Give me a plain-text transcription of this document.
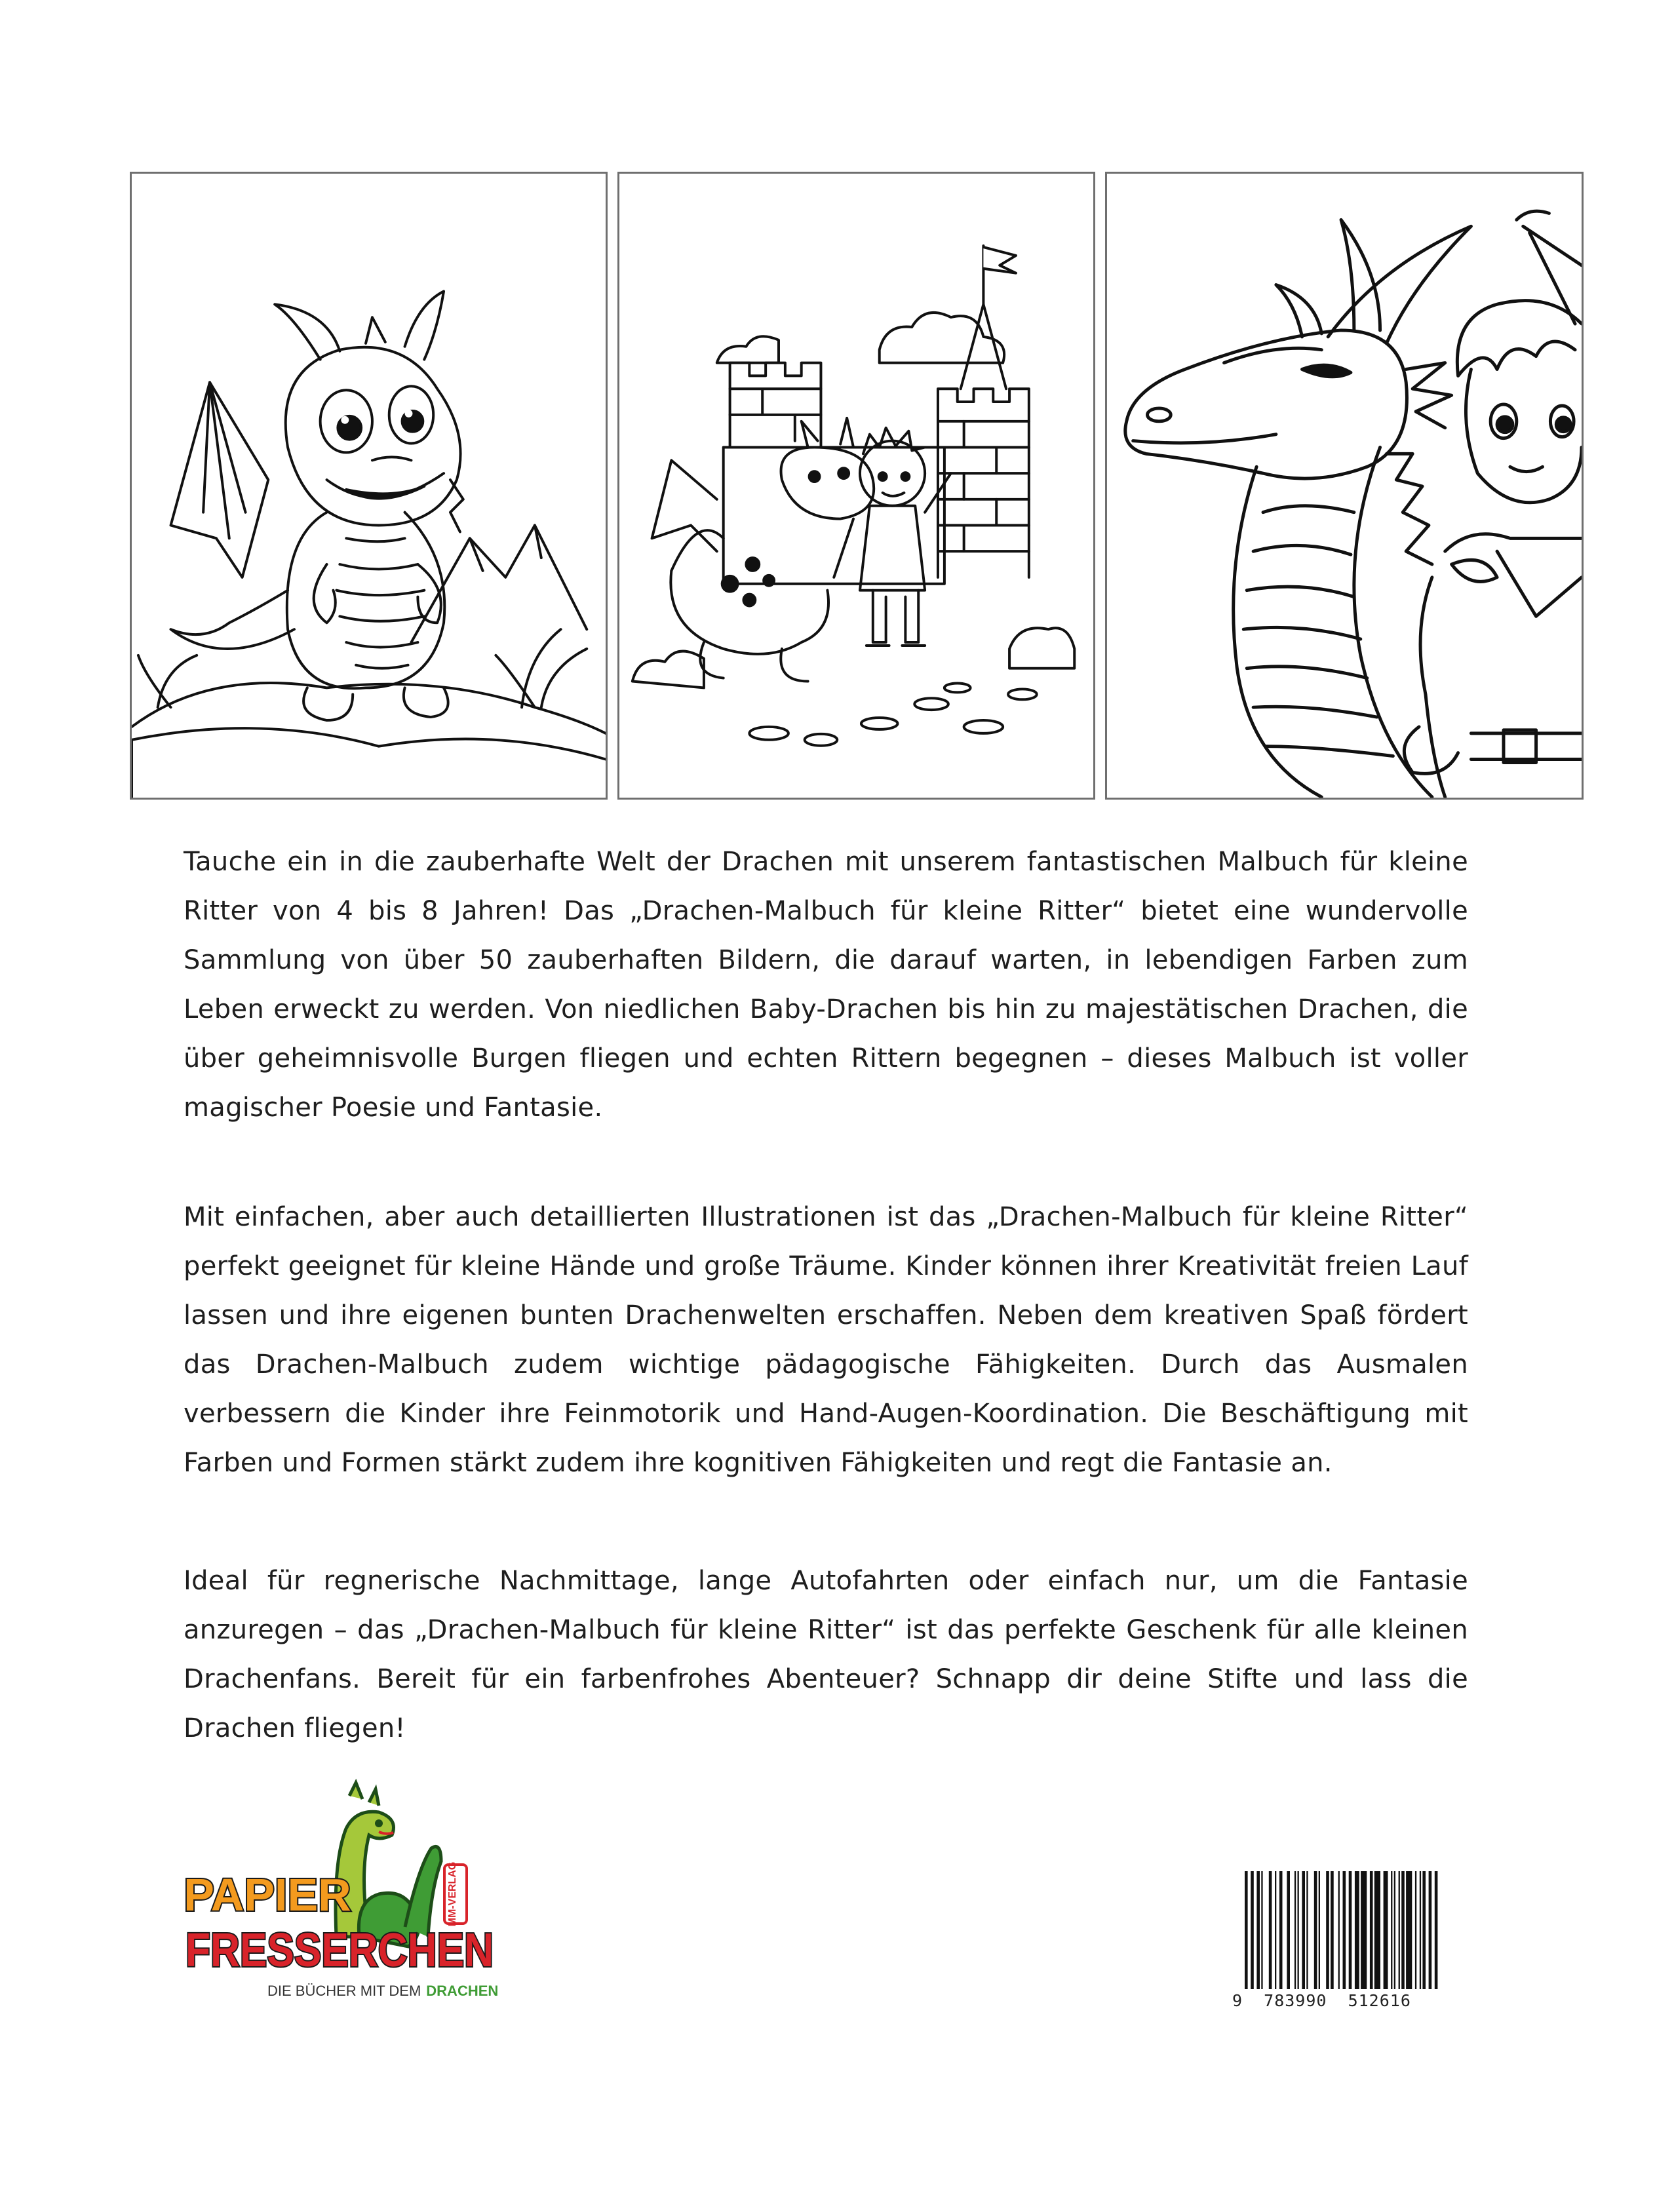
Tauche ein in die zauberhafte Welt der Drachen mit unserem fantastischen Malbuch für kleine Ritter von 4 bis 8 Jahren! Das „Drachen-Malbuch für kleine Ritter“ bietet eine wundervolle Sammlung von über 50 zauberhaften Bildern, die darauf warten, in lebendigen Farben zum Leben erweckt zu werden. Von niedlichen Baby-Drachen bis hin zu majestätischen Drachen, die über geheimnisvolle Burgen fliegen und echten Rittern begegnen – dieses Malbuch ist voller magischer Poesie und Fantasie.

Mit einfachen, aber auch detaillierten Illustrationen ist das „Drachen-Malbuch für kleine Ritter“ perfekt geeignet für kleine Hände und große Träume. Kinder können ihrer Kreativität freien Lauf lassen und ihre eigenen bunten Drachenwelten erschaffen. Neben dem kreativen Spaß fördert das Drachen-Malbuch zudem wichtige pädagogische Fähigkeiten. Durch das Ausmalen verbessern die Kinder ihre Feinmotorik und Hand-Augen-Koordination. Die Beschäftigung mit Farben und Formen stärkt zudem ihre kognitiven Fähigkeiten und regt die Fantasie an.

Ideal für regnerische Nachmittage, lange Autofahrten oder einfach nur, um die Fantasie anzuregen – das „Drachen-Malbuch für kleine Ritter“ ist das perfekte Geschenk für alle kleinen Drachenfans. Bereit für ein farbenfrohes Abenteuer? Schnapp dir deine Stifte und lass die Drachen fliegen!

MM-VERLAG
PAPIER
FRESSERCHEN
DIE BÜCHER MIT DEM DRACHEN
9  783990  512616
